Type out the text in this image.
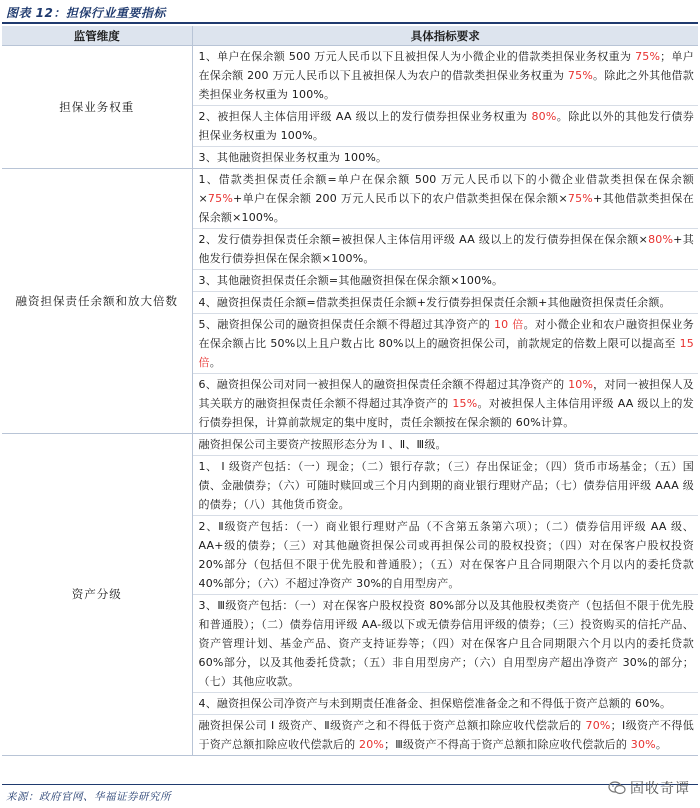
图表 12：担保行业重要指标
监管维度	具体指标要求
担保业务权重	1、单户在保余额 500 万元人民币以下且被担保人为小微企业的借款类担保业务权重为 75%；单户在保余额 200 万元人民币以下且被担保人为农户的借款类担保业务权重为 75%。除此之外其他借款类担保业务权重为 100%。
	2、被担保人主体信用评级 AA 级以上的发行债券担保业务权重为 80%。除此以外的其他发行债券担保业务权重为 100%。
	3、其他融资担保业务权重为 100%。
融资担保责任余额和放大倍数	1、借款类担保责任余额=单户在保余额 500 万元人民币以下的小微企业借款类担保在保余额×75%+单户在保余额 200 万元人民币以下的农户借款类担保在保余额×75%+其他借款类担保在保余额×100%。
	2、发行债券担保责任余额=被担保人主体信用评级 AA 级以上的发行债券担保在保余额×80%+其他发行债券担保在保余额×100%。
	3、其他融资担保责任余额=其他融资担保在保余额×100%。
	4、融资担保责任余额=借款类担保责任余额+发行债券担保责任余额+其他融资担保责任余额。
	5、融资担保公司的融资担保责任余额不得超过其净资产的 10 倍。对小微企业和农户融资担保业务在保余额占比 50%以上且户数占比 80%以上的融资担保公司，前款规定的倍数上限可以提高至 15 倍。
	6、融资担保公司对同一被担保人的融资担保责任余额不得超过其净资产的 10%，对同一被担保人及其关联方的融资担保责任余额不得超过其净资产的 15%。对被担保人主体信用评级 AA 级以上的发行债券担保，计算前款规定的集中度时，责任余额按在保余额的 60%计算。
资产分级	融资担保公司主要资产按照形态分为 Ⅰ 、Ⅱ、Ⅲ级。
	1、 Ⅰ 级资产包括：（一）现金；（二）银行存款；（三）存出保证金；（四）货币市场基金；（五）国债、金融债券；（六）可随时赎回或三个月内到期的商业银行理财产品；（七）债券信用评级 AAA 级的债券；（八）其他货币资金。
	2、Ⅱ级资产包括：（一）商业银行理财产品（不含第五条第六项）；（二）债券信用评级 AA 级、AA+级的债券；（三）对其他融资担保公司或再担保公司的股权投资；（四）对在保客户股权投资 20%部分（包括但不限于优先股和普通股）；（五）对在保客户且合同期限六个月以内的委托贷款 40%部分；（六）不超过净资产 30%的自用型房产。
	3、Ⅲ级资产包括：（一）对在保客户股权投资 80%部分以及其他股权类资产（包括但不限于优先股和普通股）；（二）债券信用评级 AA-级以下或无债券信用评级的债券；（三）投资购买的信托产品、资产管理计划、基金产品、资产支持证券等；（四）对在保客户且合同期限六个月以内的委托贷款 60%部分，以及其他委托贷款；（五）非自用型房产；（六）自用型房产超出净资产 30%的部分；（七）其他应收款。
	4、融资担保公司净资产与未到期责任准备金、担保赔偿准备金之和不得低于资产总额的 60%。
	融资担保公司 Ⅰ 级资产、Ⅱ级资产之和不得低于资产总额扣除应收代偿款后的 70%；Ⅰ级资产不得低于资产总额扣除应收代偿款后的 20%；Ⅲ级资产不得高于资产总额扣除应收代偿款后的 30%。
来源：政府官网、华福证券研究所	固收奇谭
